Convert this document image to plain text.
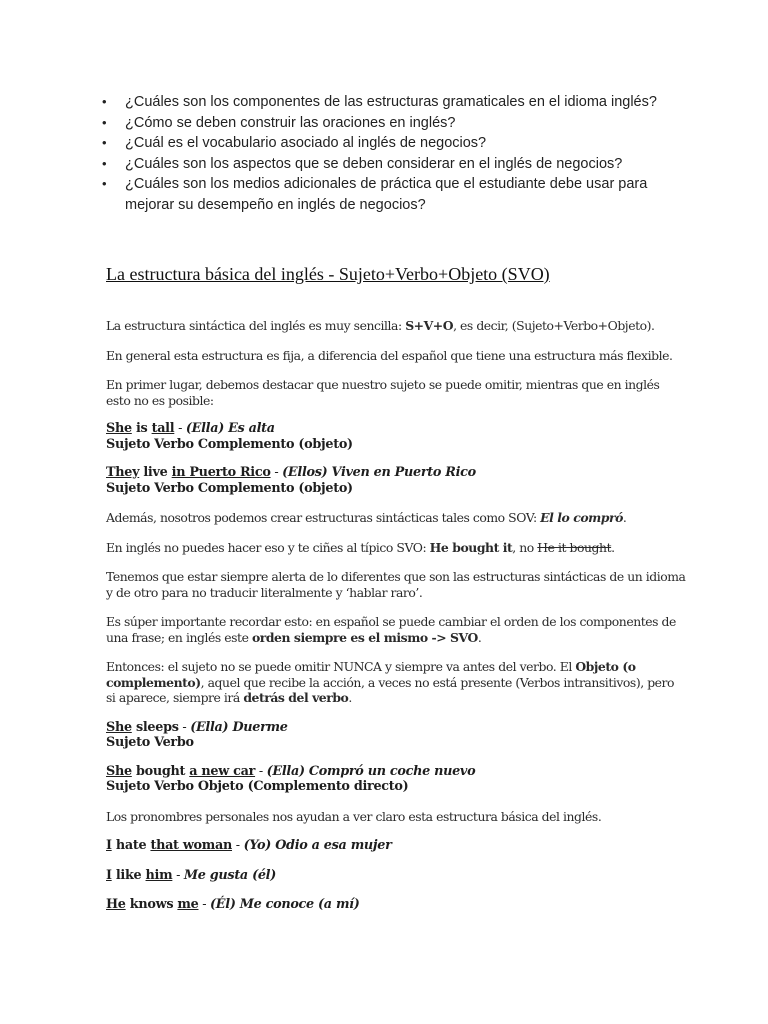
• ¿Cuáles son los componentes de las estructuras gramaticales en el idioma inglés?
• ¿Cómo se deben construir las oraciones en inglés?
• ¿Cuál es el vocabulario asociado al inglés de negocios?
• ¿Cuáles son los aspectos que se deben considerar en el inglés de negocios?
• ¿Cuáles son los medios adicionales de práctica que el estudiante debe usar para mejorar su desempeño en inglés de negocios?
La estructura básica del inglés - Sujeto+Verbo+Objeto (SVO)

La estructura sintáctica del inglés es muy sencilla: S+V+O, es decir, (Sujeto+Verbo+Objeto).

En general esta estructura es fija, a diferencia del español que tiene una estructura más flexible.

En primer lugar, debemos destacar que nuestro sujeto se puede omitir, mientras que en inglés esto no es posible:

She is tall - (Ella) Es alta

Sujeto Verbo Complemento (objeto)

They live in Puerto Rico - (Ellos) Viven en Puerto Rico

Sujeto Verbo Complemento (objeto)

Además, nosotros podemos crear estructuras sintácticas tales como SOV: El lo compró.

En inglés no puedes hacer eso y te ciñes al típico SVO: He bought it, no He it bought.

Tenemos que estar siempre alerta de lo diferentes que son las estructuras sintácticas de un idioma y de otro para no traducir literalmente y ‘hablar raro’.

Es súper importante recordar esto: en español se puede cambiar el orden de los componentes de una frase; en inglés este orden siempre es el mismo -> SVO.

Entonces: el sujeto no se puede omitir NUNCA y siempre va antes del verbo. El Objeto (o complemento), aquel que recibe la acción, a veces no está presente (Verbos intransitivos), pero si aparece, siempre irá detrás del verbo.

She sleeps - (Ella) Duerme

Sujeto Verbo

She bought a new car - (Ella) Compró un coche nuevo

Sujeto Verbo Objeto (Complemento directo)

Los pronombres personales nos ayudan a ver claro esta estructura básica del inglés.

I hate that woman - (Yo) Odio a esa mujer

I like him - Me gusta (él)

He knows me - (Él) Me conoce (a mí)
